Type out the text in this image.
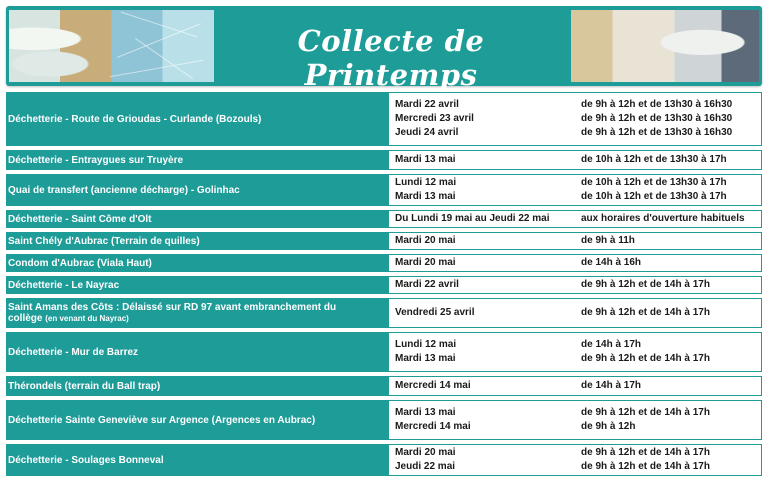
Collecte de Printemps
Déchetterie - Route de Grioudas - Curlande (Bozouls)
Mardi 22 avril	de 9h à 12h et de 13h30 à 16h30
Mercredi 23 avril	de 9h à 12h et de 13h30 à 16h30
Jeudi 24 avril	de 9h à 12h et de 13h30 à 16h30
Déchetterie - Entraygues sur Truyère	Mardi 13 mai	de 10h à 12h et de 13h30 à 17h
Quai de transfert (ancienne décharge) - Golinhac
Lundi 12 mai	de 10h à 12h et de 13h30 à 17h
Mardi 13 mai	de 10h à 12h et de 13h30 à 17h
Déchetterie - Saint Côme d'Olt	Du Lundi 19 mai au Jeudi 22 mai	aux horaires d'ouverture habituels
Saint Chély d'Aubrac (Terrain de quilles)	Mardi 20 mai	de 9h à 11h
Condom d'Aubrac (Viala Haut)	Mardi 20 mai	de 14h à 16h
Déchetterie - Le Nayrac	Mardi 22 avril	de 9h à 12h et de 14h à 17h
Saint Amans des Côts : Délaissé sur RD 97 avant embranchement du
collège (en venant du Nayrac)
Vendredi 25 avril	de 9h à 12h et de 14h à 17h
Déchetterie - Mur de Barrez
Lundi 12 mai	de 14h à 17h
Mardi 13 mai	de 9h à 12h et de 14h à 17h
Thérondels (terrain du Ball trap)	Mercredi 14 mai	de 14h à 17h
Déchetterie Sainte Geneviève sur Argence (Argences en Aubrac)
Mardi 13 mai	de 9h à 12h et de 14h à 17h
Mercredi 14 mai	de 9h à 12h
Déchetterie - Soulages Bonneval
Mardi 20 mai	de 9h à 12h et de 14h à 17h
Jeudi 22 mai	de 9h à 12h et de 14h à 17h
